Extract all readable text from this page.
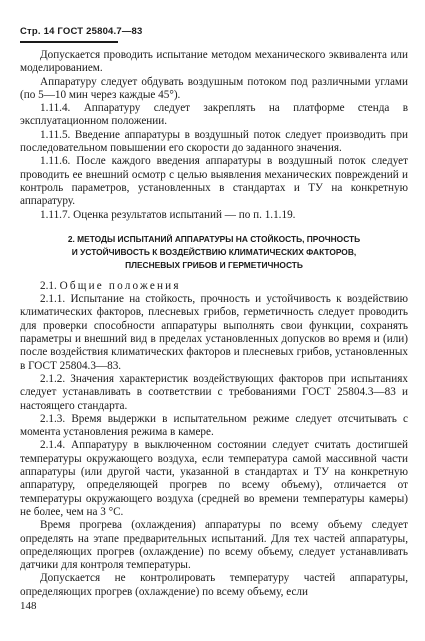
Стр. 14 ГОСТ 25804.7—83

Допускается проводить испытание методом механического эквивалента или моделированием.

Аппаратуру следует обдувать воздушным потоком под различными углами (по 5—10 мин через каждые 45°).

1.11.4. Аппаратуру следует закреплять на платформе стенда в эксплуатационном положении.

1.11.5. Введение аппаратуры в воздушный поток следует производить при последовательном повышении его скорости до заданного значения.

1.11.6. После каждого введения аппаратуры в воздушный поток следует проводить ее внешний осмотр с целью выявления механических повреждений и контроль параметров, установленных в стандартах и ТУ на конкретную аппаратуру.

1.11.7. Оценка результатов испытаний — по п. 1.1.19.

2. МЕТОДЫ ИСПЫТАНИЙ АППАРАТУРЫ НА СТОЙКОСТЬ, ПРОЧНОСТЬ
И УСТОЙЧИВОСТЬ К ВОЗДЕЙСТВИЮ КЛИМАТИЧЕСКИХ ФАКТОРОВ,
ПЛЕСНЕВЫХ ГРИБОВ И ГЕРМЕТИЧНОСТЬ

2.1. Общие положения

2.1.1. Испытание на стойкость, прочность и устойчивость к воздействию климатических факторов, плесневых грибов, герметичность следует проводить для проверки способности аппаратуры выполнять свои функции, сохранять параметры и внешний вид в пределах установленных допусков во время и (или) после воздействия климатических факторов и плесневых грибов, установленных в ГОСТ 25804.3—83.

2.1.2. Значения характеристик воздействующих факторов при испытаниях следует устанавливать в соответствии с требованиями ГОСТ 25804.3—83 и настоящего стандарта.

2.1.3. Время выдержки в испытательном режиме следует отсчитывать с момента установления режима в камере.

2.1.4. Аппаратуру в выключенном состоянии следует считать достигшей температуры окружающего воздуха, если температура самой массивной части аппаратуры (или другой части, указанной в стандартах и ТУ на конкретную аппаратуру, определяющей прогрев по всему объему), отличается от температуры окружающего воздуха (средней во времени температуры камеры) не более, чем на 3 °С.

Время прогрева (охлаждения) аппаратуры по всему объему следует определять на этапе предварительных испытаний. Для тех частей аппаратуры, определяющих прогрев (охлаждение) по всему объему, следует устанавливать датчики для контроля температуры.

Допускается не контролировать температуру частей аппаратуры, определяющих прогрев (охлаждение) по всему объему, если

148
